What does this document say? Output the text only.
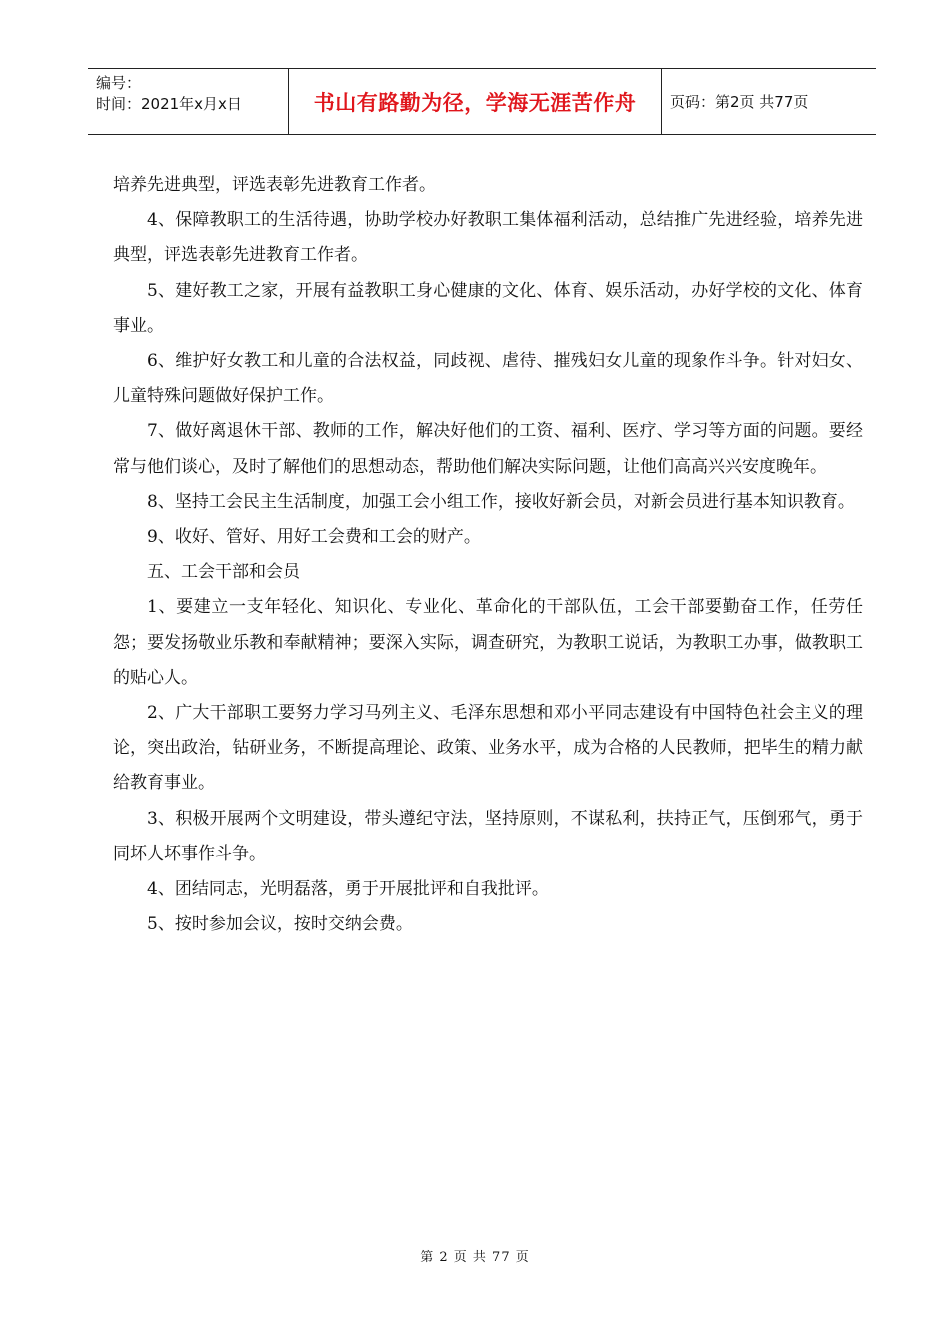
编号：
时间：2021年x月x日	书山有路勤为径，学海无涯苦作舟 页码：第2页 共77页

培养先进典型，评选表彰先进教育工作者。

4、保障教职工的生活待遇，协助学校办好教职工集体福利活动，总结推广先进经验，培养先进典型，评选表彰先进教育工作者。

5、建好教工之家，开展有益教职工身心健康的文化、体育、娱乐活动，办好学校的文化、体育事业。

6、维护好女教工和儿童的合法权益，同歧视、虐待、摧残妇女儿童的现象作斗争。针对妇女、儿童特殊问题做好保护工作。

7、做好离退休干部、教师的工作，解决好他们的工资、福利、医疗、学习等方面的问题。要经常与他们谈心，及时了解他们的思想动态，帮助他们解决实际问题，让他们高高兴兴安度晚年。

8、坚持工会民主生活制度，加强工会小组工作，接收好新会员，对新会员进行基本知识教育。

9、收好、管好、用好工会费和工会的财产。

五、工会干部和会员

1、要建立一支年轻化、知识化、专业化、革命化的干部队伍，工会干部要勤奋工作，任劳任怨；要发扬敬业乐教和奉献精神；要深入实际，调查研究，为教职工说话，为教职工办事，做教职工的贴心人。

2、广大干部职工要努力学习马列主义、毛泽东思想和邓小平同志建设有中国特色社会主义的理论，突出政治，钻研业务，不断提高理论、政策、业务水平，成为合格的人民教师，把毕生的精力献给教育事业。

3、积极开展两个文明建设，带头遵纪守法，坚持原则，不谋私利，扶持正气，压倒邪气，勇于同坏人坏事作斗争。

4、团结同志，光明磊落，勇于开展批评和自我批评。

5、按时参加会议，按时交纳会费。

第 2 页 共 77 页
